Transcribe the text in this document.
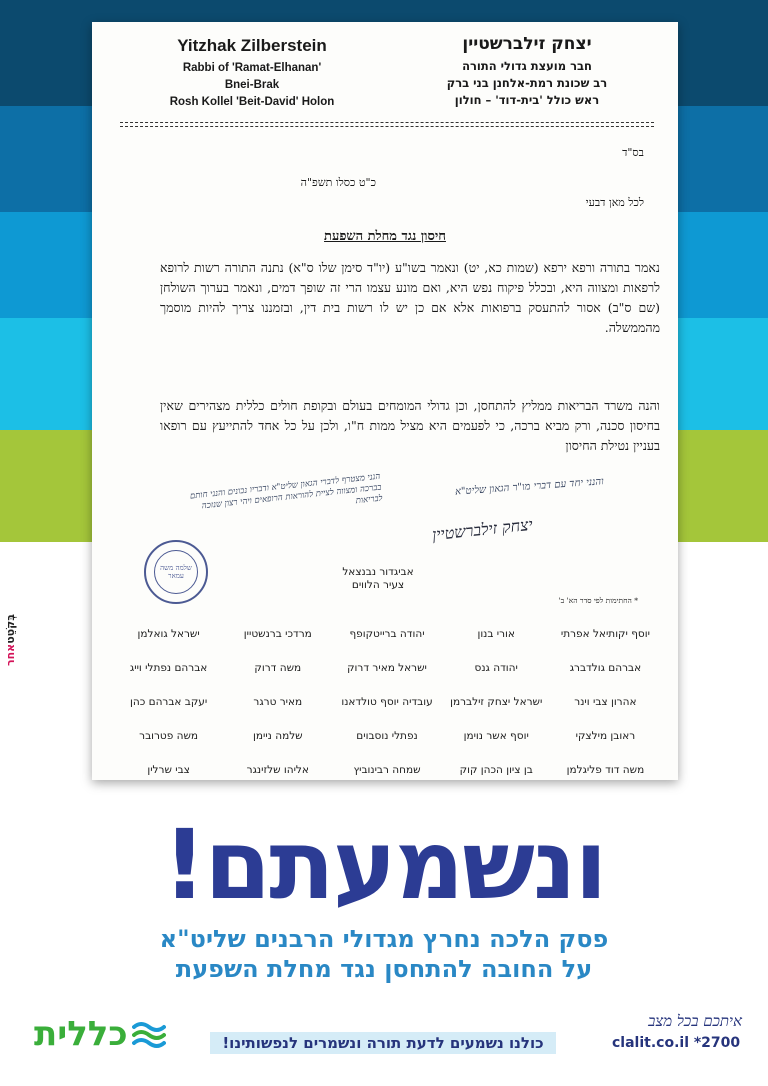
בְּקֹטֵטאחר
Yitzhak Zilberstein
Rabbi of 'Ramat-Elhanan'
Bnei-Brak
Rosh Kollel 'Beit-David' Holon
יצחק זילברשטיין
חבר מועצת גדולי התורה
רב שכונת רמת-אלחנן בני ברק
ראש כולל 'בית-דוד' – חולון
בס"ד
כ"ט כסלו תשפ"ה
לכל מאן דבעי
חיסון נגד מחלת השפעת
נאמר בתורה ורפא ירפא (שמות כא, יט) ונאמר בשו"ע (יו"ד סימן שלו ס"א) נתנה התורה רשות לרופא לרפאות ומצווה היא, ובכלל פיקוח נפש היא, ואם מונע עצמו הרי זה שופך דמים, ונאמר בערוך השולחן (שם ס"ב) אסור להתעסק ברפואות אלא אם כן יש לו רשות בית דין, ובזמננו צריך להיות מוסמך מהממשלה.
והנה משרד הבריאות ממליץ להתחסן, וכן גדולי המומחים בעולם ובקופת חולים כללית מצהירים שאין בחיסון סכנה, ורק מביא ברכה, כי לפעמים היא מציל ממות ח"ו, ולכן על כל אחד להתייעץ עם רופאו בעניין נטילת החיסון
הנני מצטרף לדברי הגאון שליט"א ודבריו נכונים והנני חותם בברכה ומצווה לציית להוראות הרופאים ויהי רצון שנזכה לבריאות
והנני יחד עם דברי מו"ר הגאון שליט"א
יצחק זילברשטיין
שלמה משה עמאר	אביגדור נבנצאל
צעיר הלווים
* החתימות לפי סדר הא' ב'
יוסף יקותיאל אפרתי
אורי בנון
יהודה ברייטקופף
מרדכי ברנשטיין
ישראל גואלמן
אברהם גולדברג
יהודה גנס
ישראל מאיר דרוק
משה דרוק
אברהם נפתלי וייג
אהרון צבי וינר
ישראל יצחק זילברמן
עובדיה יוסף טולדאנו
מאיר טרגר
יעקב אברהם כהן
ראובן מילצקי
יוסף אשר נוימן
נפתלי נוסבוים
שלמה ניימן
משה פטרובר
משה דוד פליגלמן
בן ציון הכהן קוק
שמחה רבינוביץ
אליהו שלזינגר
צבי שרלין
ונשמעתם!
פסק הלכה נחרץ מגדולי הרבנים שליט"א
על החובה להתחסן נגד מחלת השפעת
כללית	כולנו נשמעים לדעת תורה ונשמרים לנפשותינו!
איתכם בכל מצב
clalit.co.il *2700
